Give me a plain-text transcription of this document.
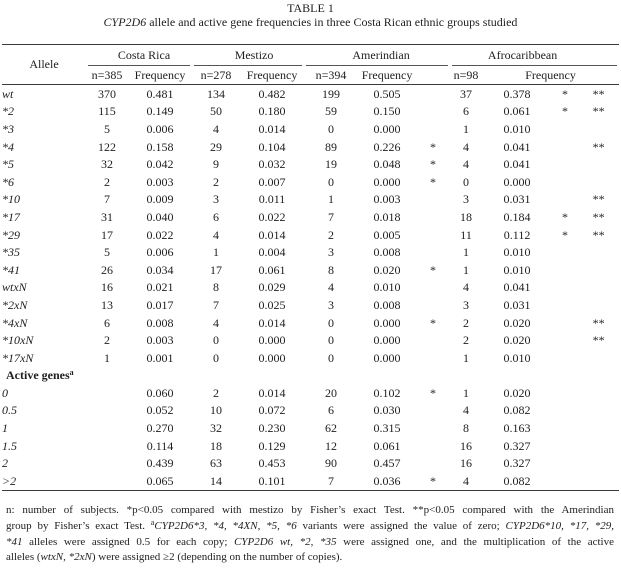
TABLE 1
CYP2D6 allele and active gene frequencies in three Costa Rican ethnic groups studied
Allele	Costa Rica		Mestizo		Amerindian			Afrocaribbean			

	n=385	Frequency	n=278	Frequency	n=394	Frequency		n=98	Frequency		
wt	370	0.481	134	0.482	199	0.505		37	0.378	*	**
*2	115	0.149	50	0.180	59	0.150		6	0.061	*	**
*3	5	0.006	4	0.014	0	0.000		1	0.010		
*4	122	0.158	29	0.104	89	0.226	*	4	0.041		**
*5	32	0.042	9	0.032	19	0.048	*	4	0.041		
*6	2	0.003	2	0.007	0	0.000	*	0	0.000		
*10	7	0.009	3	0.011	1	0.003		3	0.031		**
*17	31	0.040	6	0.022	7	0.018		18	0.184	*	**
*29	17	0.022	4	0.014	2	0.005		11	0.112	*	**
*35	5	0.006	1	0.004	3	0.008		1	0.010		
*41	26	0.034	17	0.061	8	0.020	*	1	0.010		
wtxN	16	0.021	8	0.029	4	0.010		4	0.041		
*2xN	13	0.017	7	0.025	3	0.008		3	0.031		
*4xN	6	0.008	4	0.014	0	0.000	*	2	0.020		**
*10xN	2	0.003	0	0.000	0	0.000		2	0.020		**
*17xN	1	0.001	0	0.000	0	0.000		1	0.010		
Active genes$^a$
0		0.060	2	0.014	20	0.102	*	1	0.020		
0.5		0.052	10	0.072	6	0.030		4	0.082		
1		0.270	32	0.230	62	0.315		8	0.163		
1.5		0.114	18	0.129	12	0.061		16	0.327		
2		0.439	63	0.453	90	0.457		16	0.327		
>2		0.065	14	0.101	7	0.036	*	4	0.082		
n: number of subjects. *p<0.05 compared with mestizo by Fisher’s exact Test. **p<0.05 compared with the Amerindian
group by Fisher’s exact Test. $^a$CYP2D6*3, *4, *4XN, *5, *6 variants were assigned the value of zero; CYP2D6*10, *17, *29,
*41 alleles were assigned 0.5 for each copy; CYP2D6 wt, *2, *35 were assigned one, and the multiplication of the active
alleles (wtxN, *2xN) were assigned ≥2 (depending on the number of copies).
